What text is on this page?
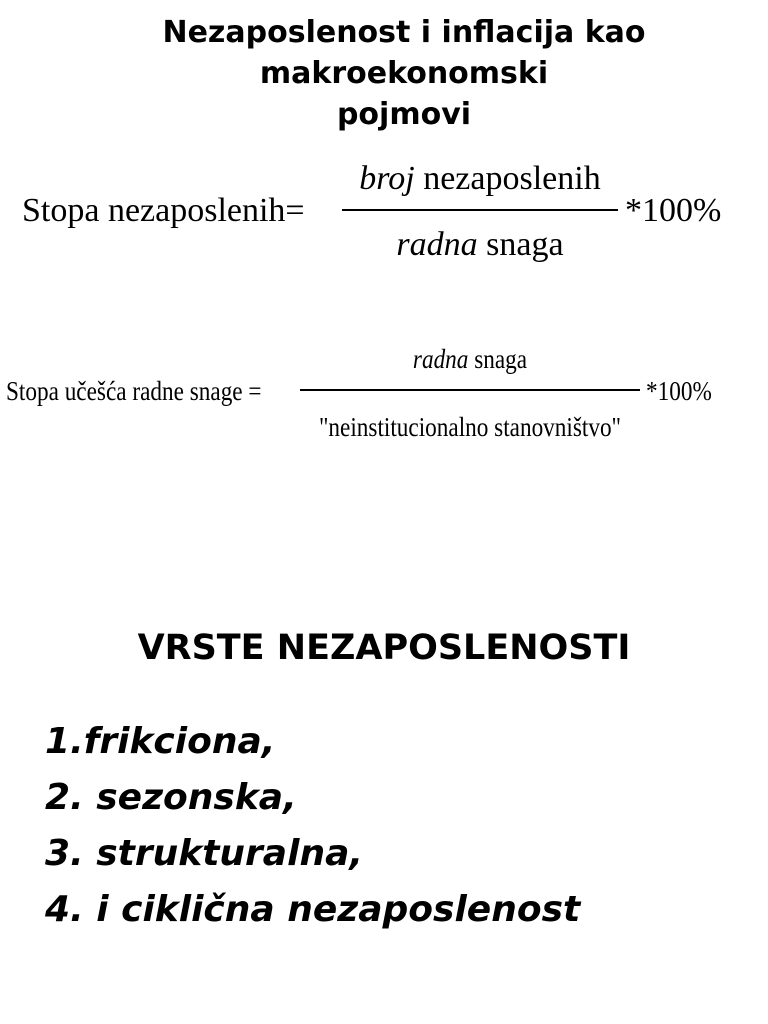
Nezaposlenost i inflacija kao
makroekonomski
pojmovi
Stopa nezaposlenih=
broj nezaposlenih
radna snaga
*100%
Stopa učešća radne snage =
radna snaga
"neinstitucionalno stanovništvo"
*100%
VRSTE NEZAPOSLENOSTI
1.frikciona,
2. sezonska,
3. strukturalna,
4. i ciklična nezaposlenost
